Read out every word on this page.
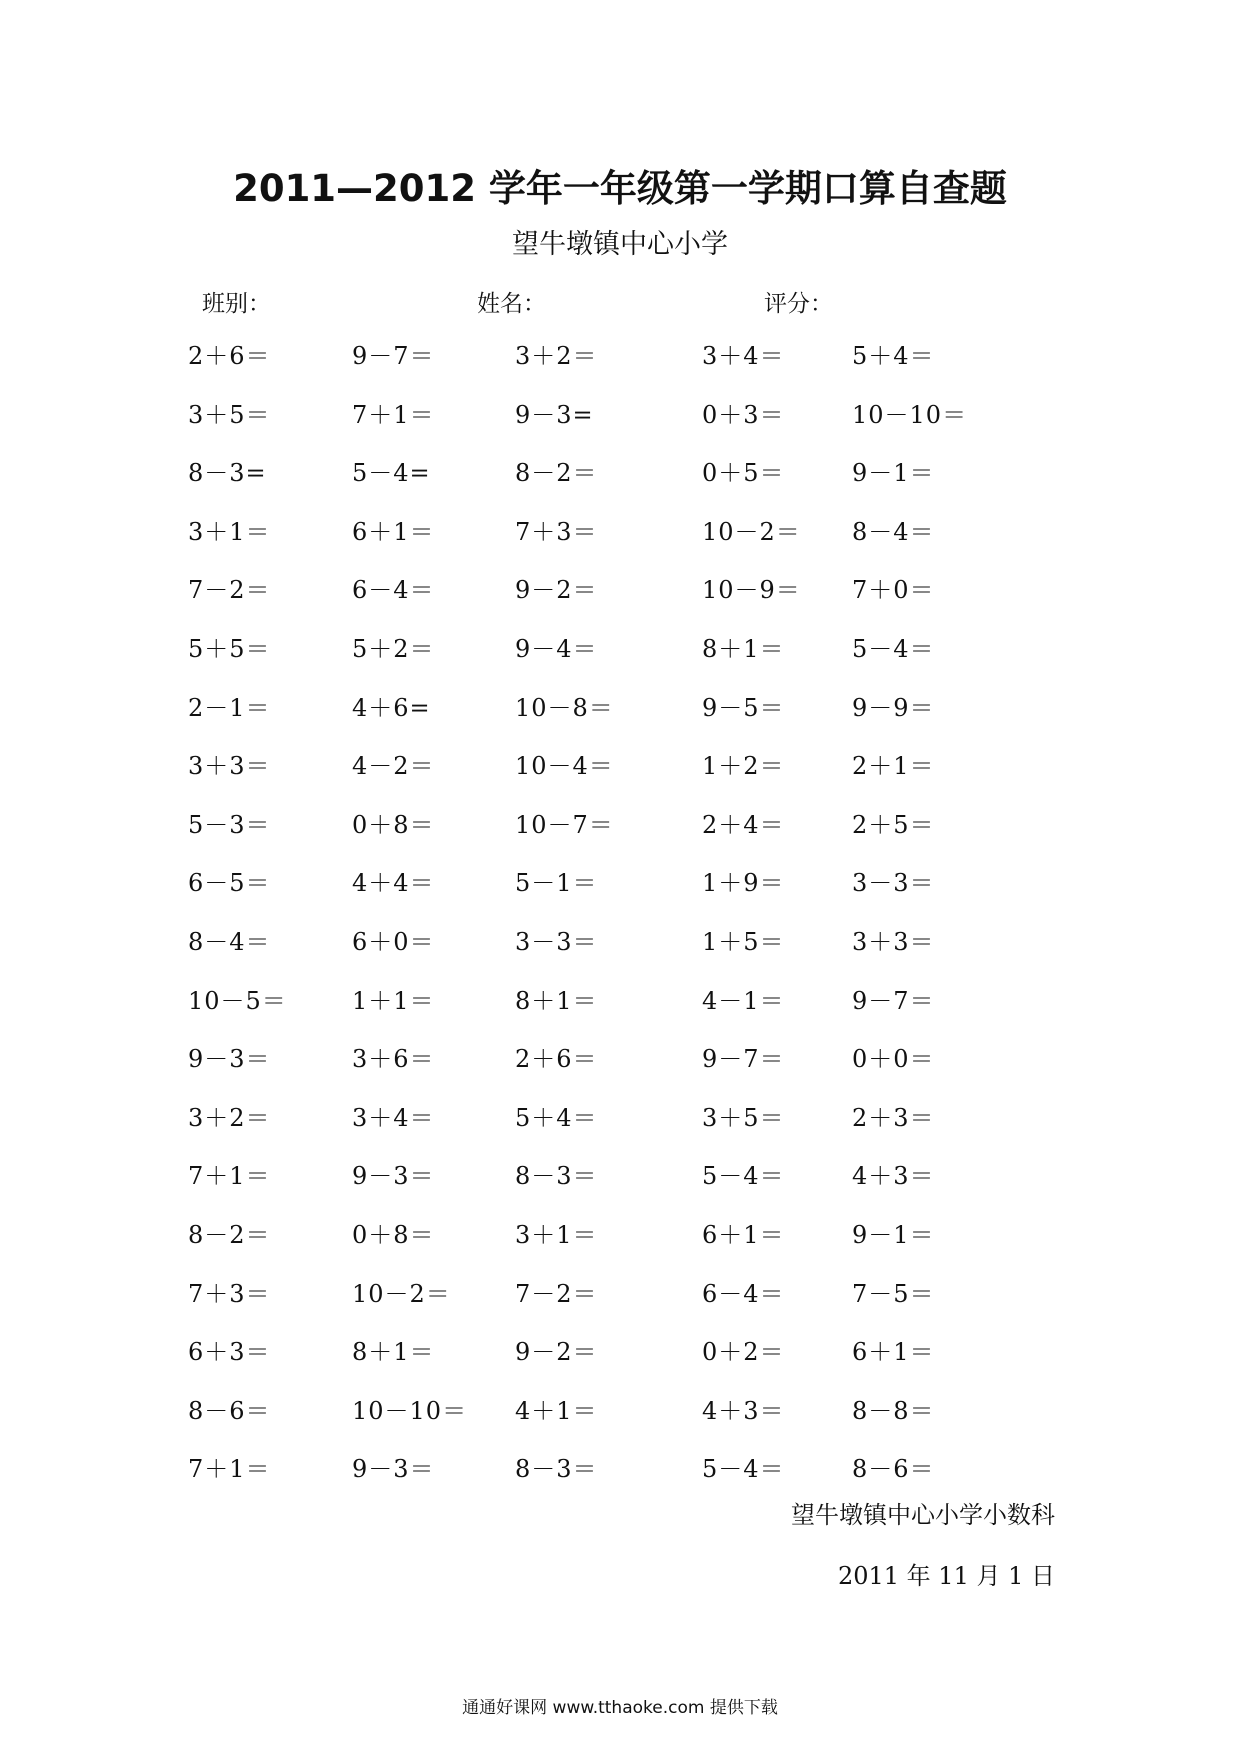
2011—2012 学年一年级第一学期口算自查题
望牛墩镇中心小学
班别：	姓名：	评分：
2＋6＝	9－7＝	3＋2＝	3＋4＝	5＋4＝
3＋5＝	7＋1＝	9－3=	0＋3＝	10－10＝
8－3=	5－4=	8－2＝	0＋5＝	9－1＝
3＋1＝	6＋1＝	7＋3＝	10－2＝ 8－4＝
7－2＝	6－4＝	9－2＝	10－9＝ 7＋0＝
5＋5＝	5＋2＝	9－4＝	8＋1＝	5－4＝
2－1＝	4＋6=	10－8＝	9－5＝	9－9＝
3＋3＝	4－2＝	10－4＝	1＋2＝	2＋1＝
5－3＝	0＋8＝	10－7＝	2＋4＝	2＋5＝
6－5＝	4＋4＝	5－1＝	1＋9＝	3－3＝
8－4＝	6＋0＝	3－3＝	1＋5＝	3＋3＝
10－5＝	1＋1＝	8＋1＝	4－1＝	9－7＝
9－3＝	3＋6＝	2＋6＝	9－7＝	0＋0＝
3＋2＝	3＋4＝	5＋4＝	3＋5＝	2＋3＝
7＋1＝	9－3＝	8－3＝	5－4＝	4＋3＝
8－2＝	0＋8＝	3＋1＝	6＋1＝	9－1＝
7＋3＝	10－2＝	7－2＝	6－4＝	7－5＝
6＋3＝	8＋1＝	9－2＝	0＋2＝	6＋1＝
8－6＝	10－10＝ 4＋1＝	4＋3＝	8－8＝
7＋1＝	9－3＝	8－3＝	5－4＝	8－6＝
望牛墩镇中心小学小数科
2011 年 11 月 1 日
通通好课网 www.tthaoke.com 提供下载
